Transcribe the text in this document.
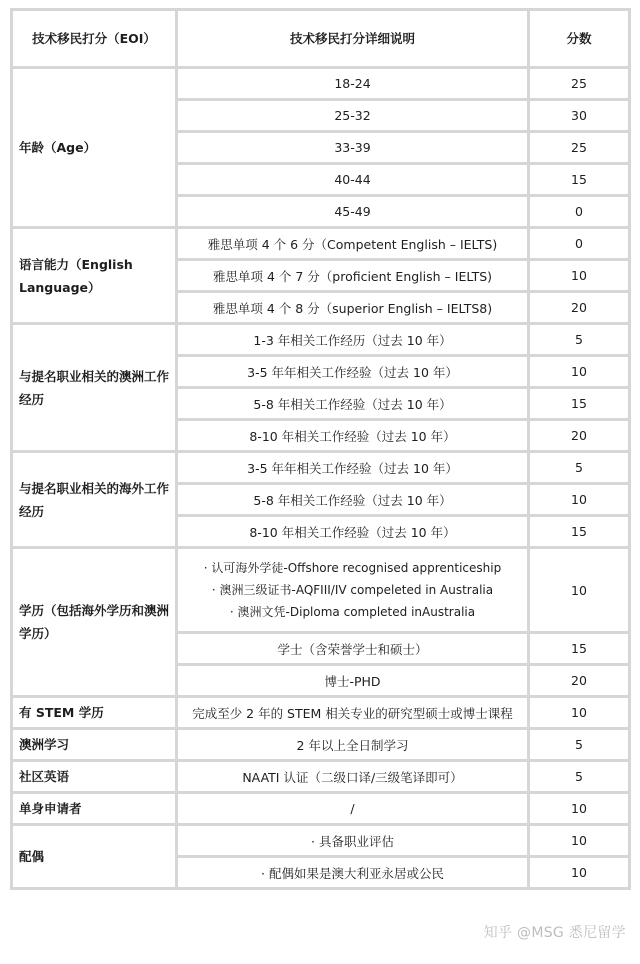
技术移民打分（EOI）	技术移民打分详细说明	分数
年龄（Age）	18-24	25
	25-32	30
	33-39	25
	40-44	15
	45-49	0
语言能力（English Language）	雅思单项 4 个 6 分（Competent English – IELTS)	0
	雅思单项 4 个 7 分（proficient English – IELTS)	10
	雅思单项 4 个 8 分（superior English – IELTS8)	20
与提名职业相关的澳洲工作经历	1-3 年相关工作经历（过去 10 年）	5
	3-5 年年相关工作经验（过去 10 年）	10
	5-8 年相关工作经验（过去 10 年）	15
	8-10 年相关工作经验（过去 10 年）	20
与提名职业相关的海外工作经历	3-5 年年相关工作经验（过去 10 年）	5
	5-8 年相关工作经验（过去 10 年）	10
	8-10 年相关工作经验（过去 10 年）	15
学历（包括海外学历和澳洲学历）	· 认可海外学徒-Offshore recognised apprenticeship
· 澳洲三级证书-AQFIII/IV compeleted in Australia
· 澳洲文凭-Diploma completed inAustralia	10
	学士（含荣誉学士和硕士）	15
	博士-PHD	20
有 STEM 学历	完成至少 2 年的 STEM 相关专业的研究型硕士或博士课程	10
澳洲学习	2 年以上全日制学习	5
社区英语	NAATI 认证（二级口译/三级笔译即可）	5
单身申请者	/	10
配偶	· 具备职业评估	10
	· 配偶如果是澳大利亚永居或公民	10
知乎 @MSG 悉尼留学
